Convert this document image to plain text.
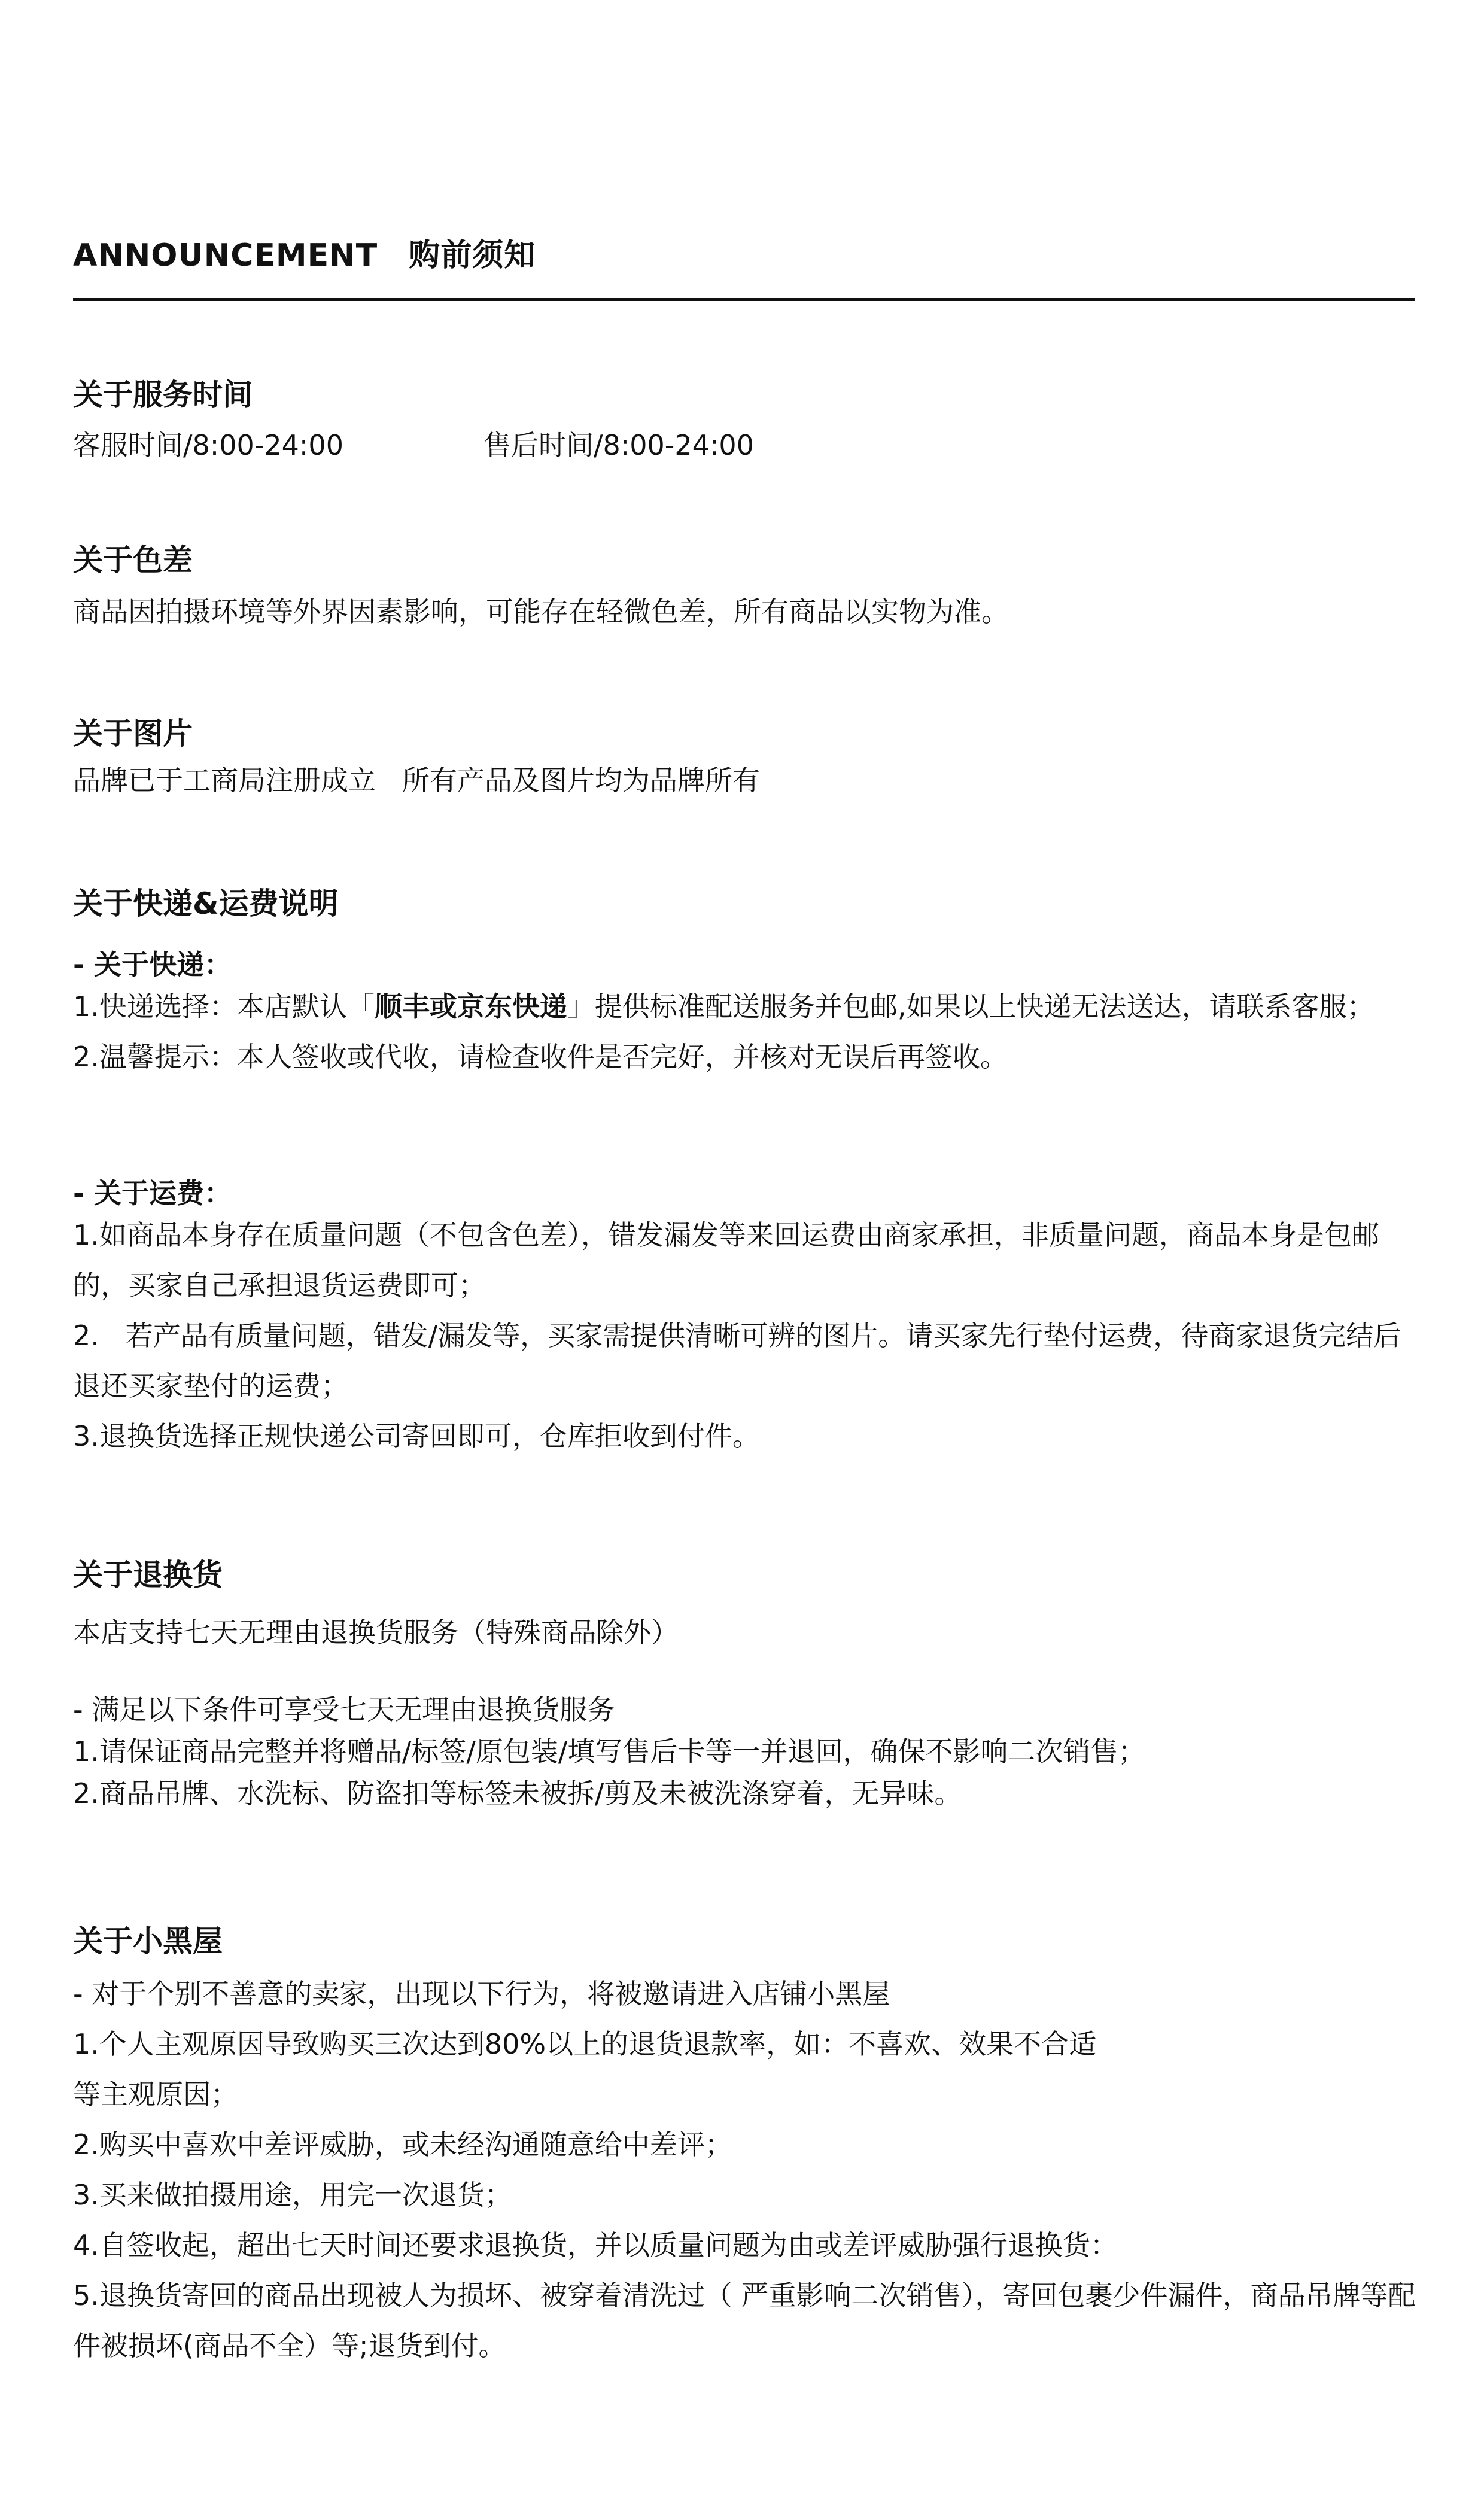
ANNOUNCEMENT 购前须知
关于服务时间
客服时间/8:00-24:00	售后时间/8:00-24:00
关于色差
商品因拍摄环境等外界因素影响，可能存在轻微色差，所有商品以实物为准。
关于图片
品牌已于工商局注册成立   所有产品及图片均为品牌所有
关于快递&运费说明
- 关于快递：

1.快递选择：本店默认「顺丰或京东快递」提供标准配送服务并包邮,如果以上快递无法送达，请联系客服；

2.温馨提示：本人签收或代收，请检查收件是否完好，并核对无误后再签收。

- 关于运费：

1.如商品本身存在质量问题（不包含色差），错发漏发等来回运费由商家承担，非质量问题，商品本身是包邮的，买家自己承担退货运费即可；

2.   若产品有质量问题，错发/漏发等，买家需提供清晰可辨的图片。请买家先行垫付运费，待商家退货完结后退还买家垫付的运费；

3.退换货选择正规快递公司寄回即可，仓库拒收到付件。

关于退换货
本店支持七天无理由退换货服务（特殊商品除外）

- 满足以下条件可享受七天无理由退换货服务

1.请保证商品完整并将赠品/标签/原包装/填写售后卡等一并退回，确保不影响二次销售；

2.商品吊牌、水洗标、防盗扣等标签未被拆/剪及未被洗涤穿着，无异味。

关于小黑屋

- 对于个别不善意的卖家，出现以下行为，将被邀请进入店铺小黑屋

1.个人主观原因导致购买三次达到80%以上的退货退款率，如：不喜欢、效果不合适

等主观原因；

2.购买中喜欢中差评威胁，或未经沟通随意给中差评；

3.买来做拍摄用途，用完一次退货；

4.自签收起，超出七天时间还要求退换货，并以质量问题为由或差评威胁强行退换货：

5.退换货寄回的商品出现被人为损坏、被穿着清洗过（ 严重影响二次销售），寄回包裹少件漏件，商品吊牌等配件被损坏(商品不全）等;退货到付。
